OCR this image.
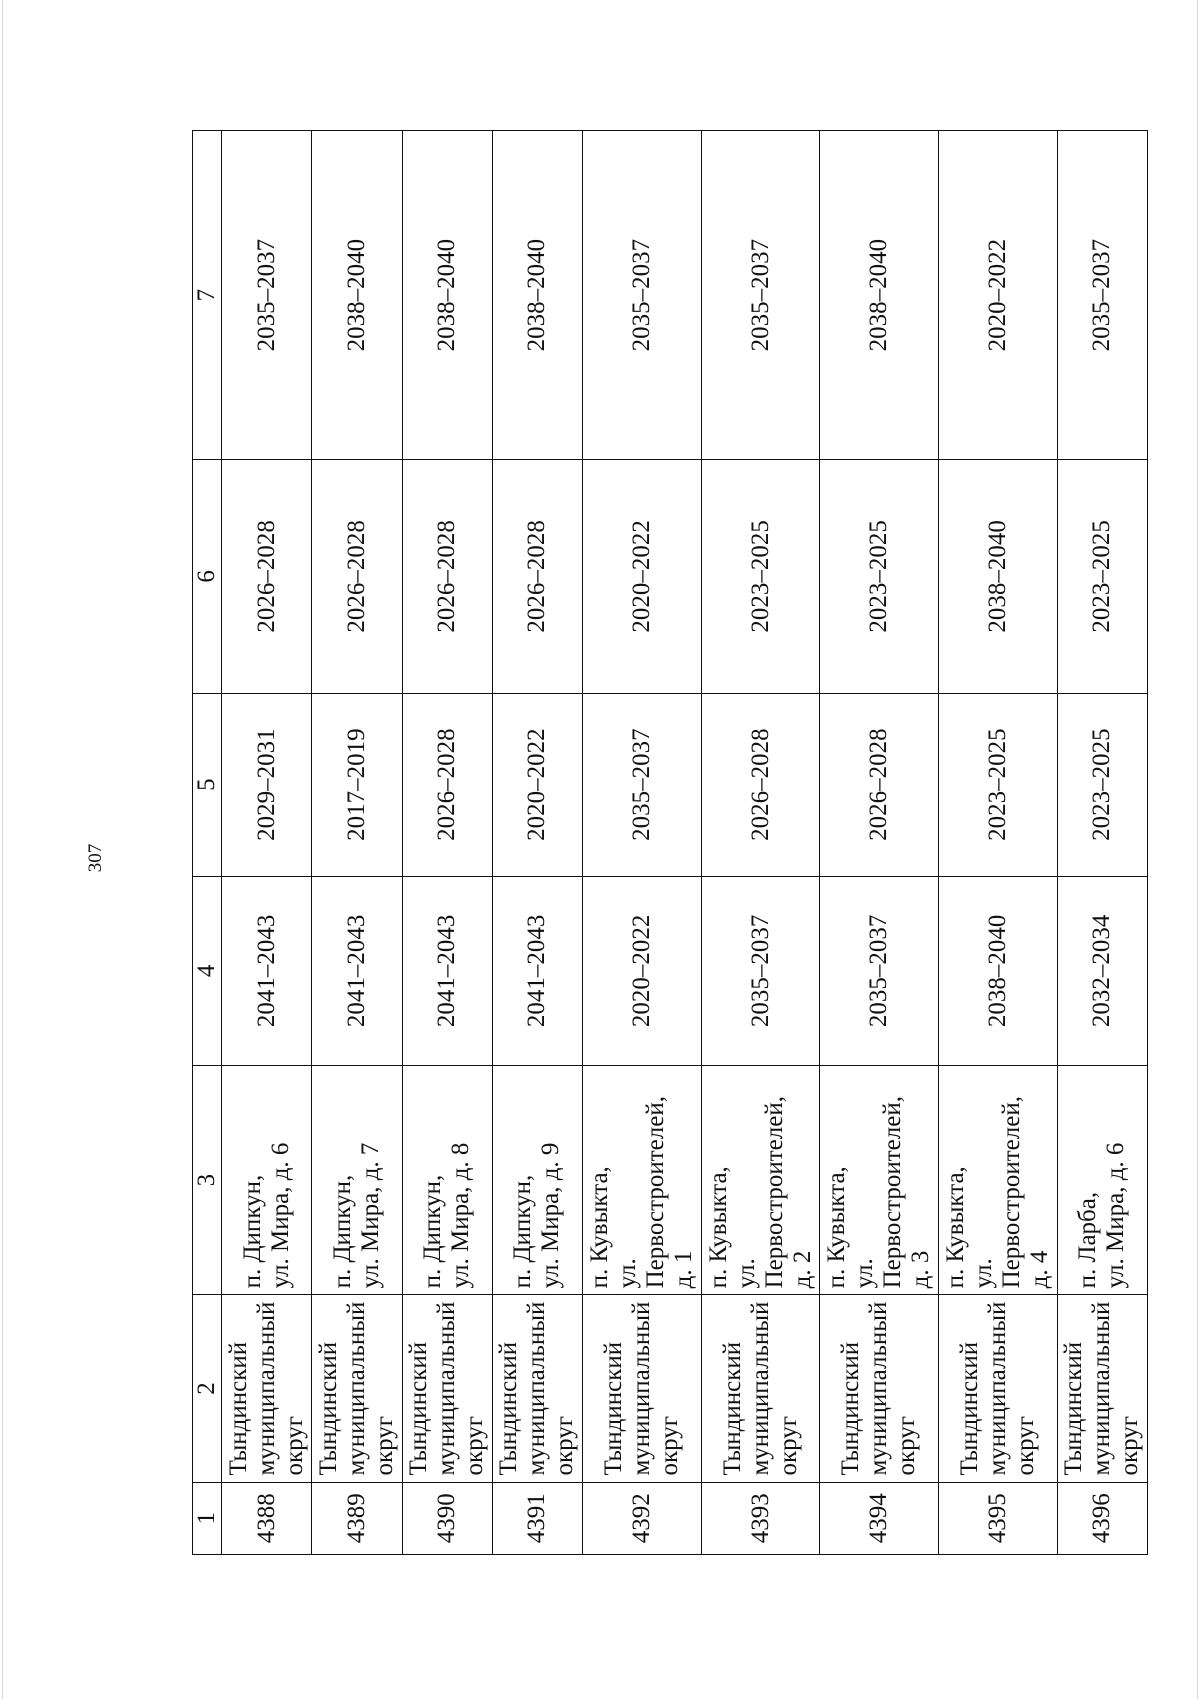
307
1	2	3	4	5	6	7
4388	Тындинский муниципальный округ	п. Дипкун, ул. Мира, д. 6	2041–2043	2029–2031	2026–2028	2035–2037
4389	Тындинский муниципальный округ	п. Дипкун, ул. Мира, д. 7	2041–2043	2017–2019	2026–2028	2038–2040
4390	Тындинский муниципальный округ	п. Дипкун, ул. Мира, д. 8	2041–2043	2026–2028	2026–2028	2038–2040
4391	Тындинский муниципальный округ	п. Дипкун, ул. Мира, д. 9	2041–2043	2020–2022	2026–2028	2038–2040
4392	Тындинский муниципальный округ	п. Кувыкта, ул. Первостроителей, д. 1	2020–2022	2035–2037	2020–2022	2035–2037
4393	Тындинский муниципальный округ	п. Кувыкта, ул. Первостроителей, д. 2	2035–2037	2026–2028	2023–2025	2035–2037
4394	Тындинский муниципальный округ	п. Кувыкта, ул. Первостроителей, д. 3	2035–2037	2026–2028	2023–2025	2038–2040
4395	Тындинский муниципальный округ	п. Кувыкта, ул. Первостроителей, д. 4	2038–2040	2023–2025	2038–2040	2020–2022
4396	Тындинский муниципальный округ	п. Ларба, ул. Мира, д. 6	2032–2034	2023–2025	2023–2025	2035–2037
